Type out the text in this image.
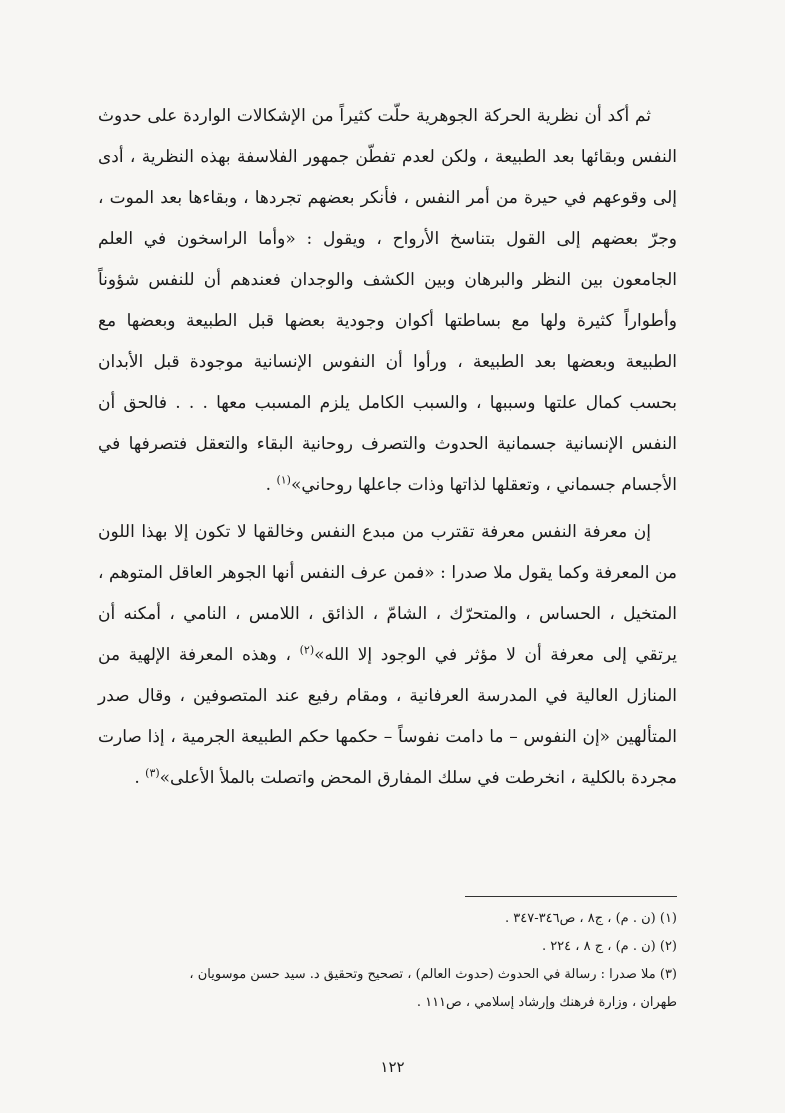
ثم أكد أن نظرية الحركة الجوهرية حلّت كثيراً من الإشكالات الواردة على حدوث النفس وبقائها بعد الطبيعة ، ولكن لعدم تفطّن جمهور الفلاسفة بهذه النظرية ، أدى إلى وقوعهم في حيرة من أمر النفس ، فأنكر بعضهم تجردها ، وبقاءها بعد الموت ، وجرّ بعضهم إلى القول بتناسخ الأرواح ، ويقول : «وأما الراسخون في العلم الجامعون بين النظر والبرهان وبين الكشف والوجدان فعندهم أن للنفس شؤوناً وأطواراً كثيرة ولها مع بساطتها أكوان وجودية بعضها قبل الطبيعة وبعضها مع الطبيعة وبعضها بعد الطبيعة ، ورأوا أن النفوس الإنسانية موجودة قبل الأبدان بحسب كمال علتها وسببها ، والسبب الكامل يلزم المسبب معها . . . فالحق أن النفس الإنسانية جسمانية الحدوث والتصرف روحانية البقاء والتعقل فتصرفها في الأجسام جسماني ، وتعقلها لذاتها وذات جاعلها روحاني»$^{(١)}$ .

إن معرفة النفس معرفة تقترب من مبدع النفس وخالقها لا تكون إلا بهذا اللون من المعرفة وكما يقول ملا صدرا : «فمن عرف النفس أنها الجوهر العاقل المتوهم ، المتخيل ، الحساس ، والمتحرّك ، الشامّ ، الذائق ، اللامس ، النامي ، أمكنه أن يرتقي إلى معرفة أن لا مؤثر في الوجود إلا الله»$^{(٢)}$ ، وهذه المعرفة الإلهية من المنازل العالية في المدرسة العرفانية ، ومقام رفيع عند المتصوفين ، وقال صدر المتألهين «إن النفوس – ما دامت نفوساً – حكمها حكم الطبيعة الجرمية ، إذا صارت مجردة بالكلية ، انخرطت في سلك المفارق المحض واتصلت بالملأ الأعلى»$^{(٣)}$ .

(١) (ن . م) ، ج٨ ، ص٣٤٦-٣٤٧ .

(٢) (ن . م) ، ج ٨ ، ٢٢٤ .

(٣) ملا صدرا : رسالة في الحدوث (حدوث العالم) ، تصحيح وتحقيق د. سيد حسن موسويان ،
طهران ، وزارة فرهنك وإرشاد إسلامي ، ص١١١ .

١٢٢
